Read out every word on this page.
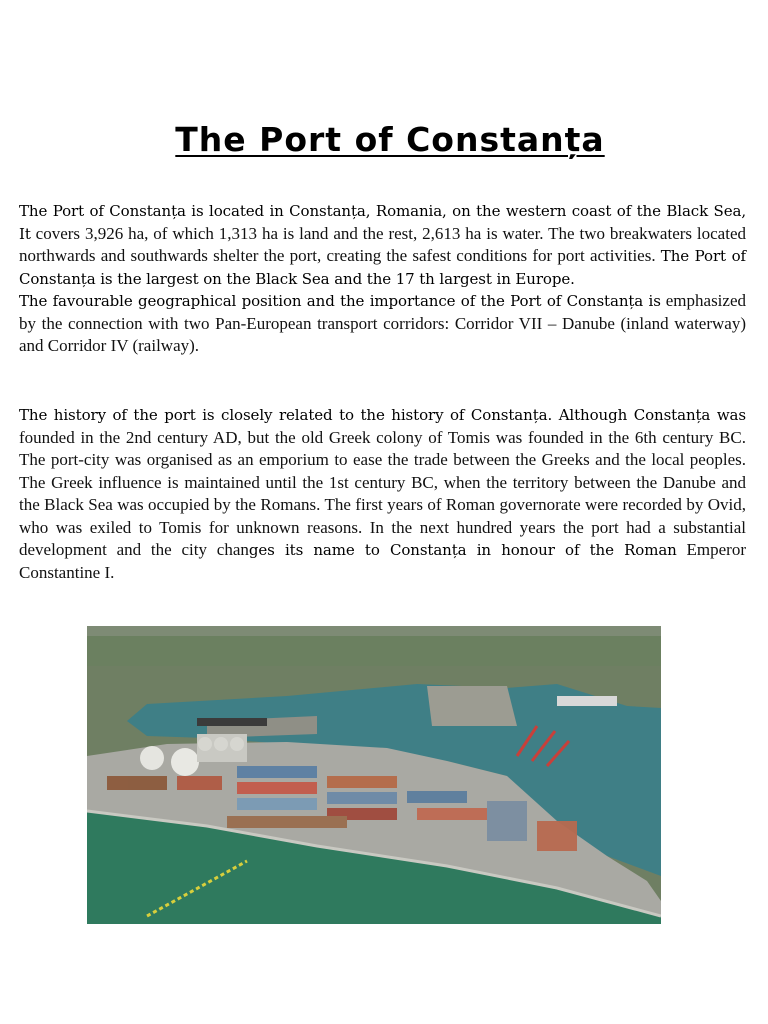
The Port of Constanța

The Port of Constanța is located in Constanța, Romania, on the western coast of the Black Sea, It covers 3,926 ha, of which 1,313 ha is land and the rest, 2,613 ha is water. The two breakwaters located northwards and southwards shelter the port, creating the safest conditions for port activities. The Port of Constanța is the largest on the Black Sea and the 17 th largest in Europe.

The favourable geographical position and the importance of the Port of Constanța is emphasized by the connection with two Pan-European transport corridors: Corridor VII – Danube (inland waterway) and Corridor IV (railway).

The history of the port is closely related to the history of Constanța. Although Constanța was founded in the 2nd century AD, but the old Greek colony of Tomis was founded in the 6th century BC. The port-city was organised as an emporium to ease the trade between the Greeks and the local peoples. The Greek influence is maintained until the 1st century BC, when the territory between the Danube and the Black Sea was occupied by the Romans. The first years of Roman governorate were recorded by Ovid, who was exiled to Tomis for unknown reasons. In the next hundred years the port had a substantial development and the city changes its name to Constanța in honour of the Roman Emperor Constantine I.
